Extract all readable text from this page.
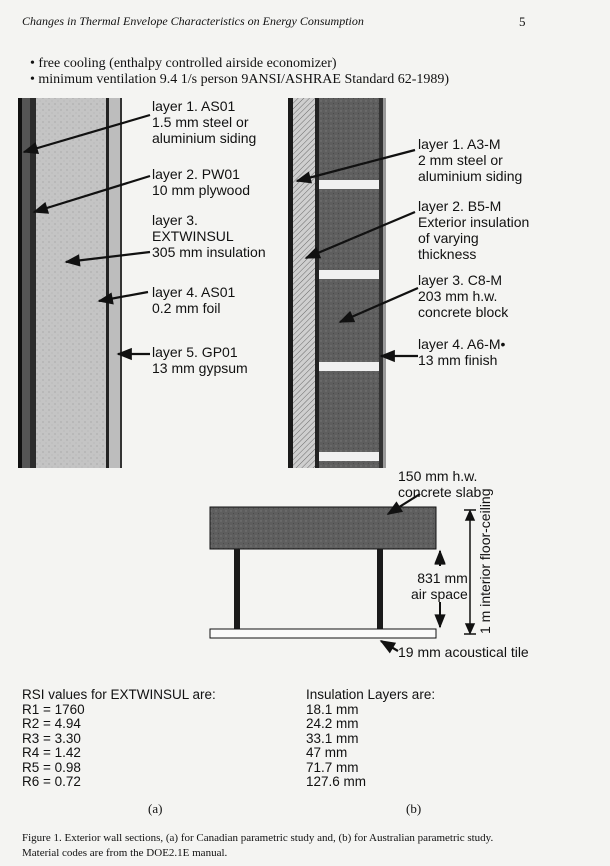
Changes in Thermal Envelope Characteristics on Energy Consumption	5
• free cooling (enthalpy controlled airside economizer)
• minimum ventilation 9.4 1/s person 9ANSI/ASHRAE Standard 62-1989)
layer 1. AS01
1.5 mm steel or
aluminium siding
layer 2. PW01
10 mm plywood
layer 3.
EXTWINSUL
305 mm insulation
layer 4. AS01
0.2 mm foil
layer 5. GP01
13 mm gypsum
layer 1. A3-M
2 mm steel or
aluminium siding
layer 2. B5-M
Exterior insulation
of varying
thickness
layer 3. C8-M
203 mm h.w.
concrete block
layer 4. A6-M•
13 mm finish
150 mm h.w.
concrete slab
831 mm
air space 1 m interior floor-ceiling
19 mm acoustical tile
RSI values for EXTWINSUL are:
R1 = 1760
R2 = 4.94
R3 = 3.30
R4 = 1.42
R5 = 0.98
R6 = 0.72
Insulation Layers are:
18.1 mm
24.2 mm
33.1 mm
47 mm
71.7 mm
127.6 mm
(a)	(b)
Figure 1. Exterior wall sections, (a) for Canadian parametric study and, (b) for Australian parametric study.
Material codes are from the DOE2.1E manual.
